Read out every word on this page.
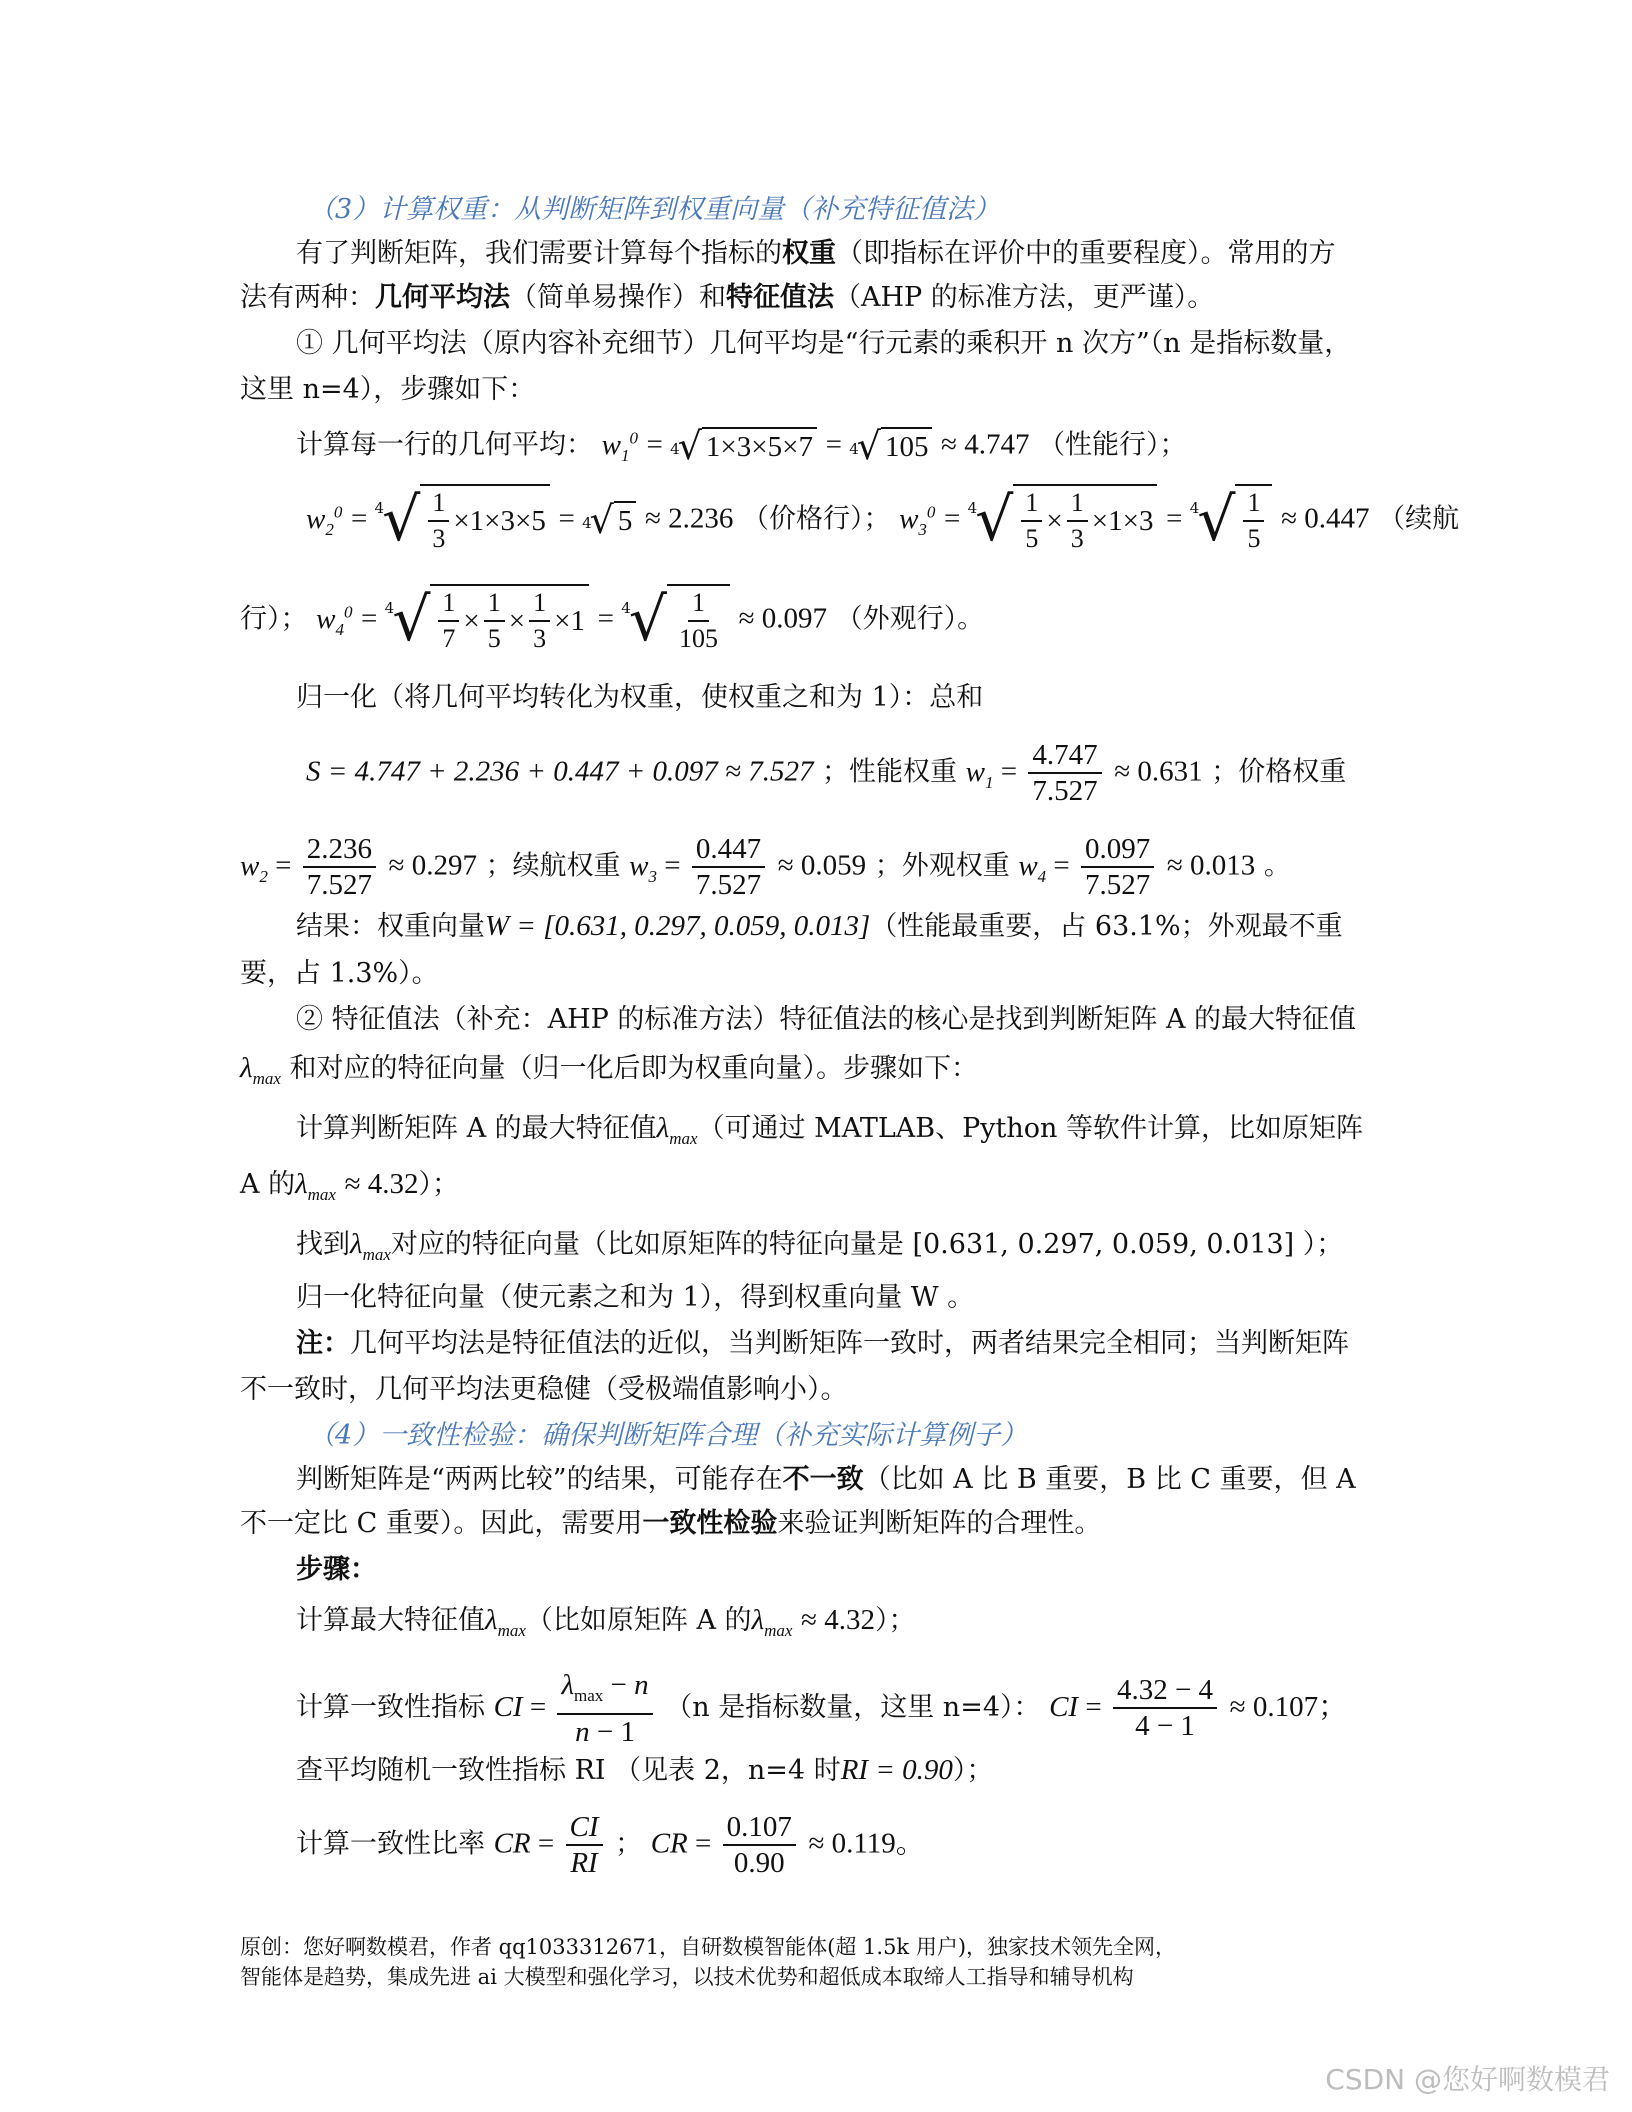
（3）计算权重：从判断矩阵到权重向量（补充特征值法）
有了判断矩阵，我们需要计算每个指标的权重（即指标在评价中的重要程度）。常用的方
法有两种：几何平均法（简单易操作）和特征值法（AHP 的标准方法，更严谨）。
① 几何平均法（原内容补充细节）几何平均是“行元素的乘积开 n 次方”（n 是指标数量，
这里 n=4），步骤如下：
计算每一行的几何平均： $w_1^0 = 4$
√ 1×3×5×7 = 4
√ 105 ≈ 4.747 （性能行）；
$w_2^0 = 4$
√ $\frac{1}{3} \times 1\times 3\times 5 = 4$
√ 5 ≈ 2.236 （价格行）； $w_3^0 = 4$
√ $\frac{1}{5} \times \frac{1}{3} \times 1\times 3 = 4$
√ $\frac{1}{5} \approx 0.447$ （续航
行）； $w_4^0 = 4$
√ $\frac{1}{7} \times \frac{1}{5} \times \frac{1}{3} \times 1 = 4$
√ $\frac{1}{105} \approx 0.097$ （外观行）。
归一化（将几何平均转化为权重，使权重之和为 1）：总和
S = 4.747 + 2.236 + 0.447 + 0.097 ≈ 7.527 ；性能权重 $w_1 = \frac{4.747}{7.527} \approx 0.631$ ；价格权重
$w_2 = \frac{2.236}{7.527} \approx 0.297$ ；续航权重 $w_3 = \frac{0.447}{7.527} \approx 0.059$ ；外观权重 $w_4 = \frac{0.097}{7.527} \approx 0.013$ 。
结果：权重向量W = [0.631, 0.297, 0.059, 0.013]（性能最重要，占 63.1%；外观最不重
要，占 1.3%）。
② 特征值法（补充：AHP 的标准方法）特征值法的核心是找到判断矩阵 A 的最大特征值
$\lambda_{max}$ 和对应的特征向量（归一化后即为权重向量）。步骤如下：
计算判断矩阵 A 的最大特征值$\lambda_{max}$（可通过 MATLAB、Python 等软件计算，比如原矩阵
A 的$\lambda_{max} \approx 4.32$）；
找到$\lambda_{max}$对应的特征向量（比如原矩阵的特征向量是 [0.631, 0.297, 0.059, 0.013] ）；
归一化特征向量（使元素之和为 1），得到权重向量 W 。
注：几何平均法是特征值法的近似，当判断矩阵一致时，两者结果完全相同；当判断矩阵
不一致时，几何平均法更稳健（受极端值影响小）。
（4）一致性检验：确保判断矩阵合理（补充实际计算例子）
判断矩阵是“两两比较”的结果，可能存在不一致（比如 A 比 B 重要，B 比 C 重要，但 A
不一定比 C 重要）。因此，需要用一致性检验来验证判断矩阵的合理性。
步骤：
计算最大特征值$\lambda_{max}$（比如原矩阵 A 的$\lambda_{max} \approx 4.32$）；
计算一致性指标 CI = $\frac{\lambda_{max} - n}{n - 1} (n$ 是指标数量，这里 n=4）： CI = $\frac{4.32 - 4}{4 - 1} \approx 0.107$；
查平均随机一致性指标 RI （见表 2，n=4 时RI = 0.90）；
计算一致性比率 CR = $\frac{CI}{RI}$ ； CR = $\frac{0.107}{0.90} \approx 0.119$。
原创：您好啊数模君，作者 qq1033312671，自研数模智能体(超 1.5k 用户)，独家技术领先全网，
智能体是趋势，集成先进 ai 大模型和强化学习，以技术优势和超低成本取缔人工指导和辅导机构
CSDN @您好啊数模君
